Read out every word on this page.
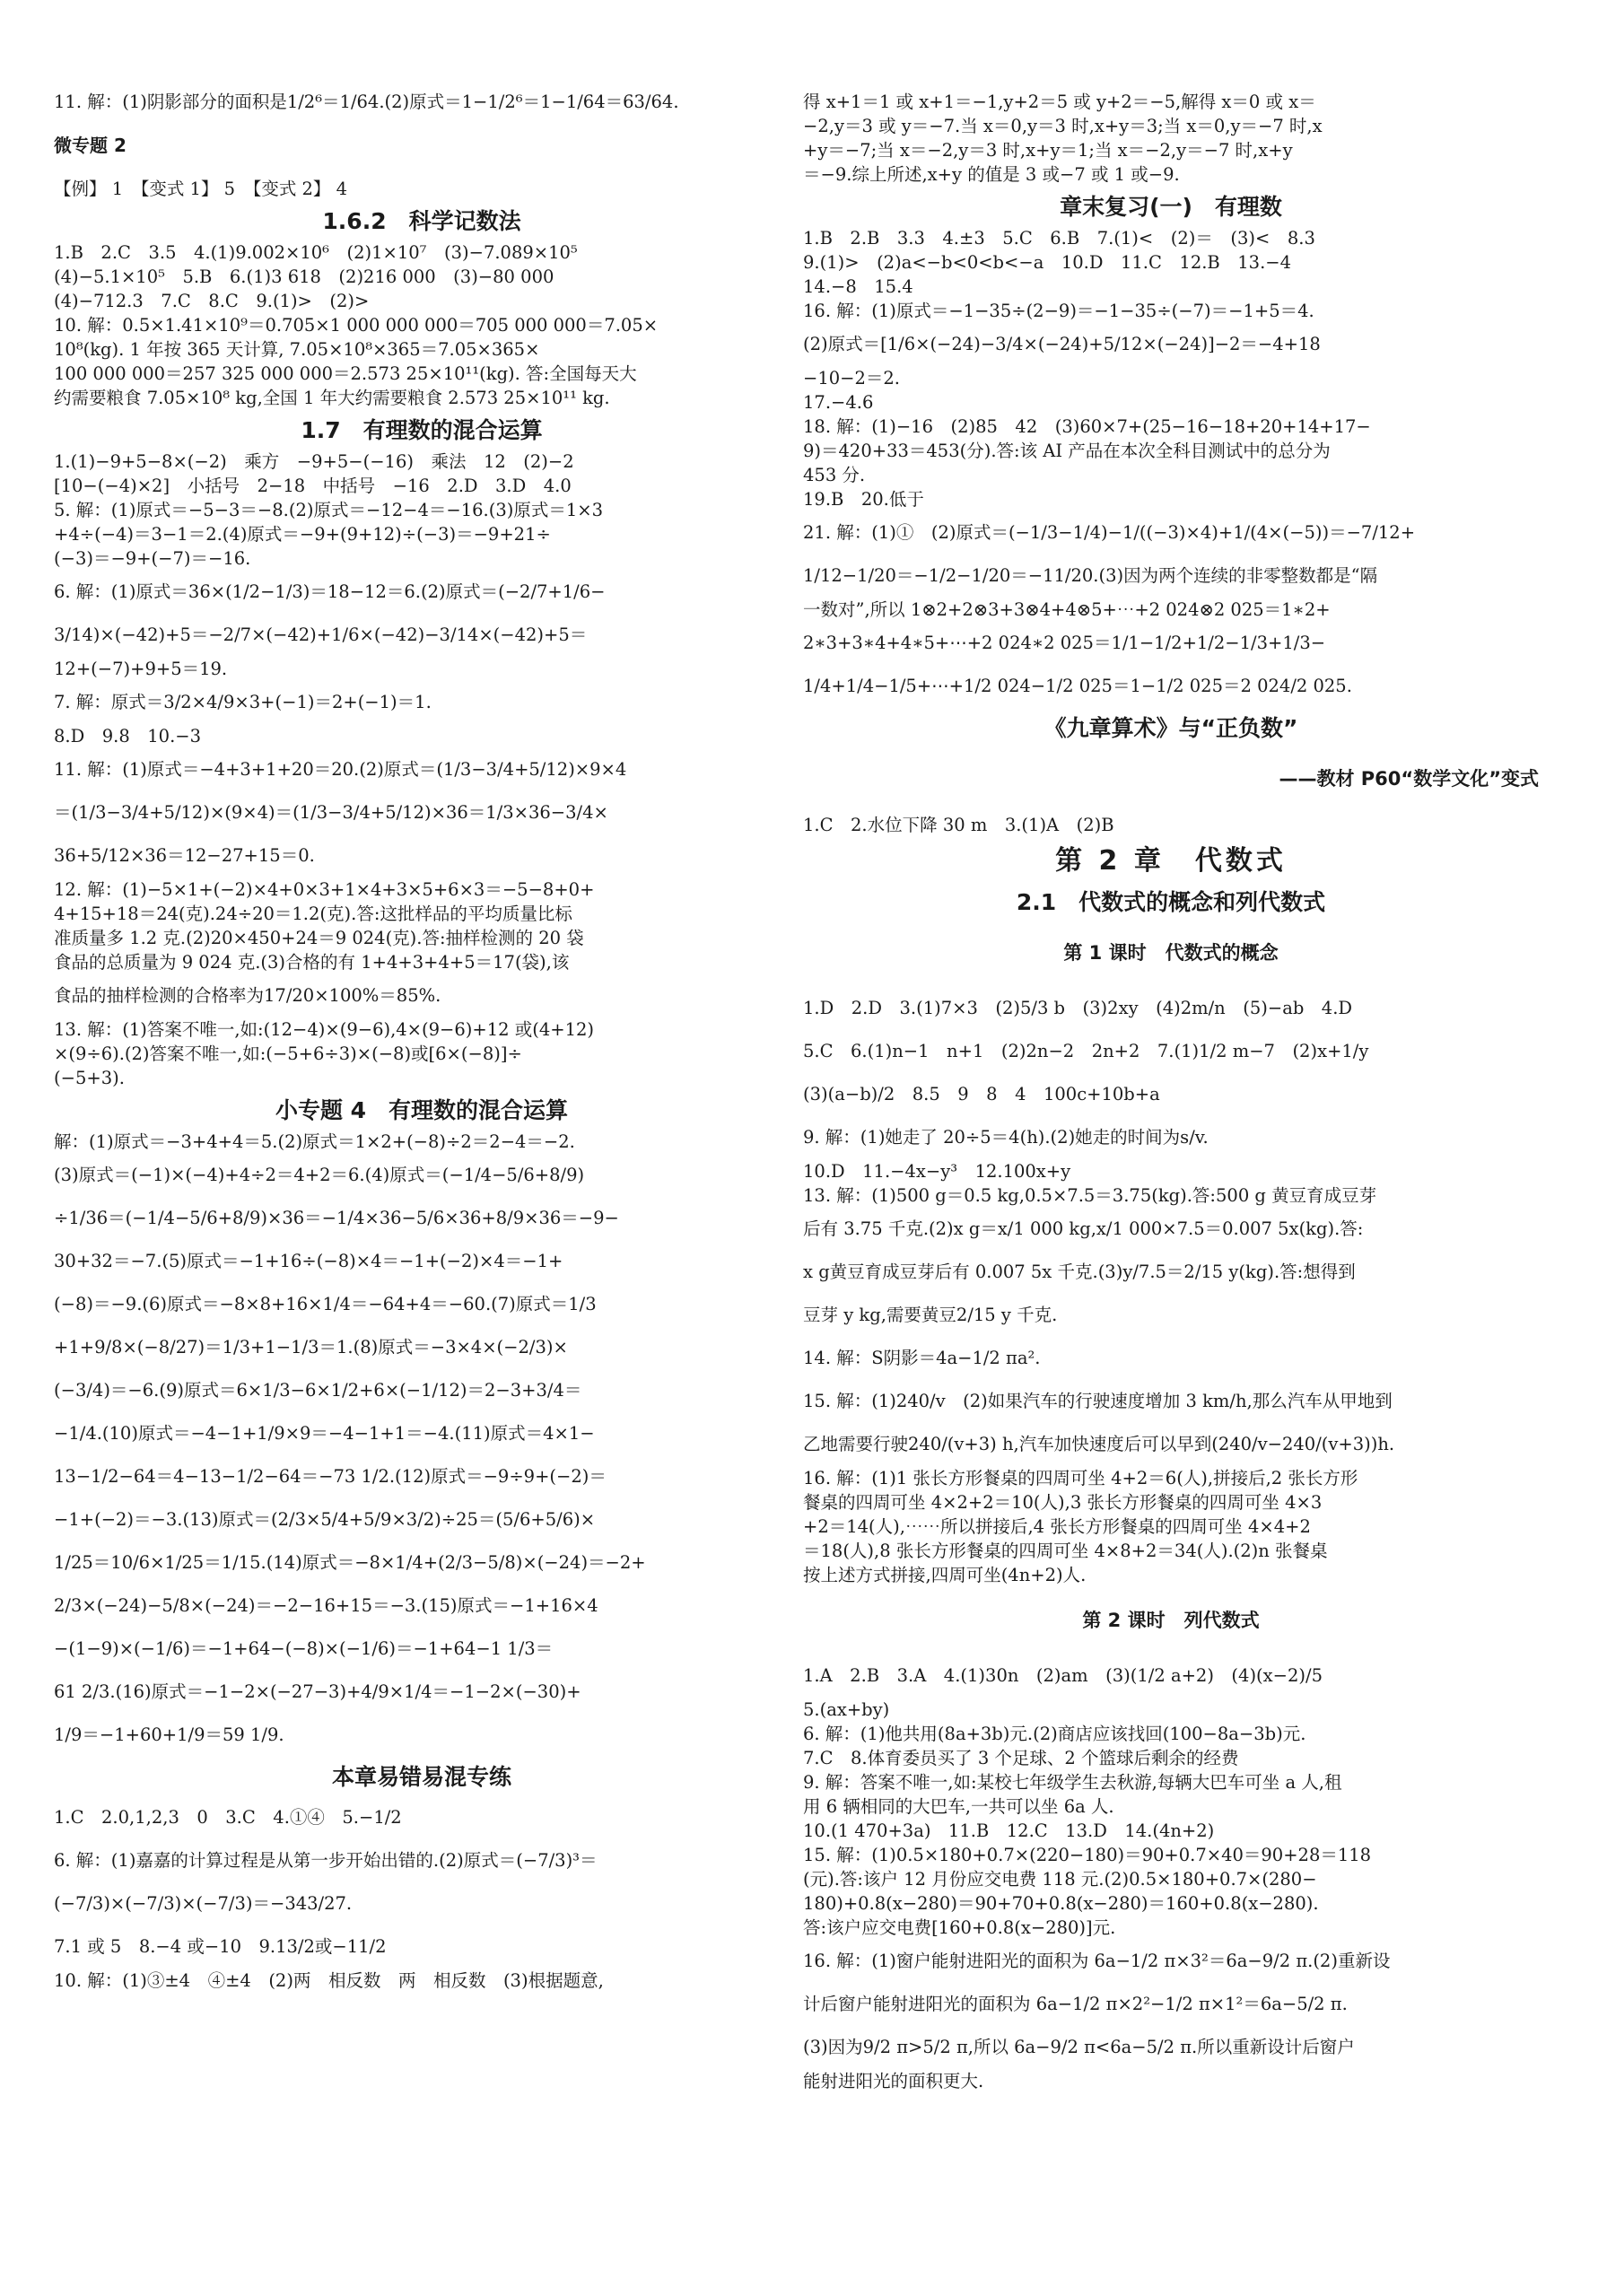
11. 解：(1)阴影部分的面积是1/2⁶＝1/64.(2)原式＝1−1/2⁶＝1−1/64＝63/64.

微专题 2

【例】 1　【变式 1】 5　【变式 2】 4

1.6.2　科学记数法

1.B　2.C　3.5　4.(1)9.002×10⁶　(2)1×10⁷　(3)−7.089×10⁵

(4)−5.1×10⁵　5.B　6.(1)3 618　(2)216 000　(3)−80 000

(4)−712.3　7.C　8.C　9.(1)>　(2)>

10. 解：0.5×1.41×10⁹＝0.705×1 000 000 000＝705 000 000＝7.05×

10⁸(kg). 1 年按 365 天计算, 7.05×10⁸×365＝7.05×365×

100 000 000＝257 325 000 000＝2.573 25×10¹¹(kg). 答:全国每天大

约需要粮食 7.05×10⁸ kg,全国 1 年大约需要粮食 2.573 25×10¹¹ kg.

1.7　有理数的混合运算

1.(1)−9+5−8×(−2)　乘方　−9+5−(−16)　乘法　12　(2)−2

[10−(−4)×2]　小括号　2−18　中括号　−16　2.D　3.D　4.0

5. 解：(1)原式＝−5−3＝−8.(2)原式＝−12−4＝−16.(3)原式＝1×3

+4÷(−4)＝3−1＝2.(4)原式＝−9+(9+12)÷(−3)＝−9+21÷

(−3)＝−9+(−7)＝−16.

6. 解：(1)原式＝36×(1/2−1/3)＝18−12＝6.(2)原式＝(−2/7+1/6−

3/14)×(−42)+5＝−2/7×(−42)+1/6×(−42)−3/14×(−42)+5＝

12+(−7)+9+5＝19.

7. 解：原式＝3/2×4/9×3+(−1)＝2+(−1)＝1.

8.D　9.8　10.−3

11. 解：(1)原式＝−4+3+1+20＝20.(2)原式＝(1/3−3/4+5/12)×9×4

＝(1/3−3/4+5/12)×(9×4)＝(1/3−3/4+5/12)×36＝1/3×36−3/4×

36+5/12×36＝12−27+15＝0.

12. 解：(1)−5×1+(−2)×4+0×3+1×4+3×5+6×3＝−5−8+0+

4+15+18＝24(克).24÷20＝1.2(克).答:这批样品的平均质量比标

准质量多 1.2 克.(2)20×450+24＝9 024(克).答:抽样检测的 20 袋

食品的总质量为 9 024 克.(3)合格的有 1+4+3+4+5＝17(袋),该

食品的抽样检测的合格率为17/20×100%＝85%.

13. 解：(1)答案不唯一,如:(12−4)×(9−6),4×(9−6)+12 或(4+12)

×(9÷6).(2)答案不唯一,如:(−5+6÷3)×(−8)或[6×(−8)]÷

(−5+3).

小专题 4　有理数的混合运算

解：(1)原式＝−3+4+4＝5.(2)原式＝1×2+(−8)÷2＝2−4＝−2.

(3)原式＝(−1)×(−4)+4÷2＝4+2＝6.(4)原式＝(−1/4−5/6+8/9)

÷1/36＝(−1/4−5/6+8/9)×36＝−1/4×36−5/6×36+8/9×36＝−9−

30+32＝−7.(5)原式＝−1+16÷(−8)×4＝−1+(−2)×4＝−1+

(−8)＝−9.(6)原式＝−8×8+16×1/4＝−64+4＝−60.(7)原式＝1/3

+1+9/8×(−8/27)＝1/3+1−1/3＝1.(8)原式＝−3×4×(−2/3)×

(−3/4)＝−6.(9)原式＝6×1/3−6×1/2+6×(−1/12)＝2−3+3/4＝

−1/4.(10)原式＝−4−1+1/9×9＝−4−1+1＝−4.(11)原式＝4×1−

13−1/2−64＝4−13−1/2−64＝−73 1/2.(12)原式＝−9÷9+(−2)＝

−1+(−2)＝−3.(13)原式＝(2/3×5/4+5/9×3/2)÷25＝(5/6+5/6)×

1/25＝10/6×1/25＝1/15.(14)原式＝−8×1/4+(2/3−5/8)×(−24)＝−2+

2/3×(−24)−5/8×(−24)＝−2−16+15＝−3.(15)原式＝−1+16×4

−(1−9)×(−1/6)＝−1+64−(−8)×(−1/6)＝−1+64−1 1/3＝

61 2/3.(16)原式＝−1−2×(−27−3)+4/9×1/4＝−1−2×(−30)+

1/9＝−1+60+1/9＝59 1/9.

本章易错易混专练

1.C　2.0,1,2,3　0　3.C　4.①④　5.−1/2

6. 解：(1)嘉嘉的计算过程是从第一步开始出错的.(2)原式＝(−7/3)³＝

(−7/3)×(−7/3)×(−7/3)＝−343/27.

7.1 或 5　8.−4 或−10　9.13/2或−11/2

10. 解：(1)③±4　④±4　(2)两　相反数　两　相反数　(3)根据题意,

得 x+1＝1 或 x+1＝−1,y+2＝5 或 y+2＝−5,解得 x＝0 或 x＝

−2,y＝3 或 y＝−7.当 x＝0,y＝3 时,x+y＝3;当 x＝0,y＝−7 时,x

+y＝−7;当 x＝−2,y＝3 时,x+y＝1;当 x＝−2,y＝−7 时,x+y

＝−9.综上所述,x+y 的值是 3 或−7 或 1 或−9.

章末复习(一)　有理数

1.B　2.B　3.3　4.±3　5.C　6.B　7.(1)<　(2)＝　(3)<　8.3

9.(1)>　(2)a<−b<0<b<−a　10.D　11.C　12.B　13.−4

14.−8　15.4

16. 解：(1)原式＝−1−35÷(2−9)＝−1−35÷(−7)＝−1+5＝4.

(2)原式＝[1/6×(−24)−3/4×(−24)+5/12×(−24)]−2＝−4+18

−10−2＝2.

17.−4.6

18. 解：(1)−16　(2)85　42　(3)60×7+(25−16−18+20+14+17−

9)＝420+33＝453(分).答:该 AI 产品在本次全科目测试中的总分为

453 分.

19.B　20.低于

21. 解：(1)①　(2)原式＝(−1/3−1/4)−1/((−3)×4)+1/(4×(−5))＝−7/12+

1/12−1/20＝−1/2−1/20＝−11/20.(3)因为两个连续的非零整数都是“隔

一数对”,所以 1⊗2+2⊗3+3⊗4+4⊗5+⋯+2 024⊗2 025＝1∗2+

2∗3+3∗4+4∗5+⋯+2 024∗2 025＝1/1−1/2+1/2−1/3+1/3−

1/4+1/4−1/5+⋯+1/2 024−1/2 025＝1−1/2 025＝2 024/2 025.

《九章算术》与“正负数”

——教材 P60“数学文化”变式

1.C　2.水位下降 30 m　3.(1)A　(2)B

第 2 章　代数式

2.1　代数式的概念和列代数式

第 1 课时　代数式的概念

1.D　2.D　3.(1)7×3　(2)5/3 b　(3)2xy　(4)2m/n　(5)−ab　4.D

5.C　6.(1)n−1　n+1　(2)2n−2　2n+2　7.(1)1/2 m−7　(2)x+1/y

(3)(a−b)/2　8.5　9　8　4　100c+10b+a

9. 解：(1)她走了 20÷5＝4(h).(2)她走的时间为s/v.

10.D　11.−4x−y³　12.100x+y

13. 解：(1)500 g＝0.5 kg,0.5×7.5＝3.75(kg).答:500 g 黄豆育成豆芽

后有 3.75 千克.(2)x g＝x/1 000 kg,x/1 000×7.5＝0.007 5x(kg).答:

x g黄豆育成豆芽后有 0.007 5x 千克.(3)y/7.5＝2/15 y(kg).答:想得到

豆芽 y kg,需要黄豆2/15 y 千克.

14. 解：S阴影＝4a−1/2 πa².

15. 解：(1)240/v　(2)如果汽车的行驶速度增加 3 km/h,那么汽车从甲地到

乙地需要行驶240/(v+3) h,汽车加快速度后可以早到(240/v−240/(v+3))h.

16. 解：(1)1 张长方形餐桌的四周可坐 4+2＝6(人),拼接后,2 张长方形

餐桌的四周可坐 4×2+2＝10(人),3 张长方形餐桌的四周可坐 4×3

+2＝14(人),⋯⋯所以拼接后,4 张长方形餐桌的四周可坐 4×4+2

＝18(人),8 张长方形餐桌的四周可坐 4×8+2＝34(人).(2)n 张餐桌

按上述方式拼接,四周可坐(4n+2)人.

第 2 课时　列代数式

1.A　2.B　3.A　4.(1)30n　(2)am　(3)(1/2 a+2)　(4)(x−2)/5

5.(ax+by)

6. 解：(1)他共用(8a+3b)元.(2)商店应该找回(100−8a−3b)元.

7.C　8.体育委员买了 3 个足球、2 个篮球后剩余的经费

9. 解：答案不唯一,如:某校七年级学生去秋游,每辆大巴车可坐 a 人,租

用 6 辆相同的大巴车,一共可以坐 6a 人.

10.(1 470+3a)　11.B　12.C　13.D　14.(4n+2)

15. 解：(1)0.5×180+0.7×(220−180)＝90+0.7×40＝90+28＝118

(元).答:该户 12 月份应交电费 118 元.(2)0.5×180+0.7×(280−

180)+0.8(x−280)＝90+70+0.8(x−280)＝160+0.8(x−280).

答:该户应交电费[160+0.8(x−280)]元.

16. 解：(1)窗户能射进阳光的面积为 6a−1/2 π×3²＝6a−9/2 π.(2)重新设

计后窗户能射进阳光的面积为 6a−1/2 π×2²−1/2 π×1²＝6a−5/2 π.

(3)因为9/2 π>5/2 π,所以 6a−9/2 π<6a−5/2 π.所以重新设计后窗户

能射进阳光的面积更大.
